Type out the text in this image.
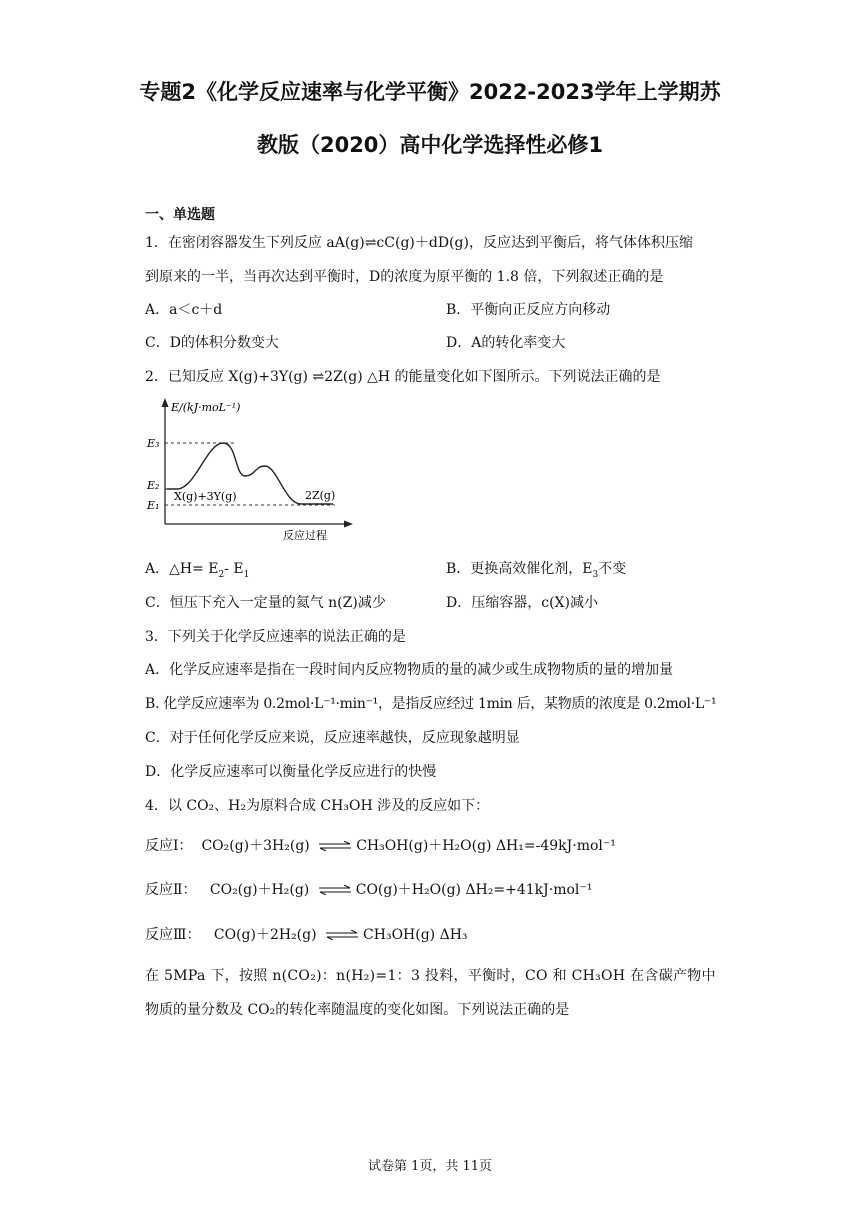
专题2《化学反应速率与化学平衡》2022-2023学年上学期苏
教版（2020）高中化学选择性必修1
一、单选题
1．在密闭容器发生下列反应 aA(g)⇌cC(g)＋dD(g)，反应达到平衡后，将气体体积压缩
到原来的一半，当再次达到平衡时，D的浓度为原平衡的 1.8 倍，下列叙述正确的是
A．a＜c＋d	B．平衡向正反应方向移动
C．D的体积分数变大	D．A的转化率变大
2．已知反应 X(g)+3Y(g) ⇌2Z(g) △H 的能量变化如下图所示。下列说法正确的是
E/(kJ·moL⁻¹)
E₃
E₂
E₁
X(g)+3Y(g)	2Z(g)
反应过程
A．△H= $E_2-$ $E_1$	B．更换高效催化剂，$E_3$不变
C．恒压下充入一定量的氦气 n(Z)减少	D．压缩容器，c(X)减小
3．下列关于化学反应速率的说法正确的是
A．化学反应速率是指在一段时间内反应物物质的量的减少或生成物物质的量的增加量
B. 化学反应速率为 0.2mol·L⁻¹·min⁻¹，是指反应经过 1min 后，某物质的浓度是 0.2mol·L⁻¹
C．对于任何化学反应来说，反应速率越快，反应现象越明显
D．化学反应速率可以衡量化学反应进行的快慢
4．以 CO₂、H₂为原料合成 CH₃OH 涉及的反应如下：
反应Ⅰ： CO₂(g)＋3H₂(g) ⇌ CH₃OH(g)＋H₂O(g) ΔH₁=-49kJ·mol⁻¹
反应Ⅱ： CO₂(g)＋H₂(g) ⇌ CO(g)＋H₂O(g) ΔH₂=+41kJ·mol⁻¹
反应Ⅲ： CO(g)＋2H₂(g) ⇌ CH₃OH(g) ΔH₃
在 5MPa 下，按照 n(CO₂)：n(H₂)=1：3 投料，平衡时，CO 和 CH₃OH 在含碳产物中
物质的量分数及 CO₂的转化率随温度的变化如图。下列说法正确的是
试卷第 1页，共 11页
